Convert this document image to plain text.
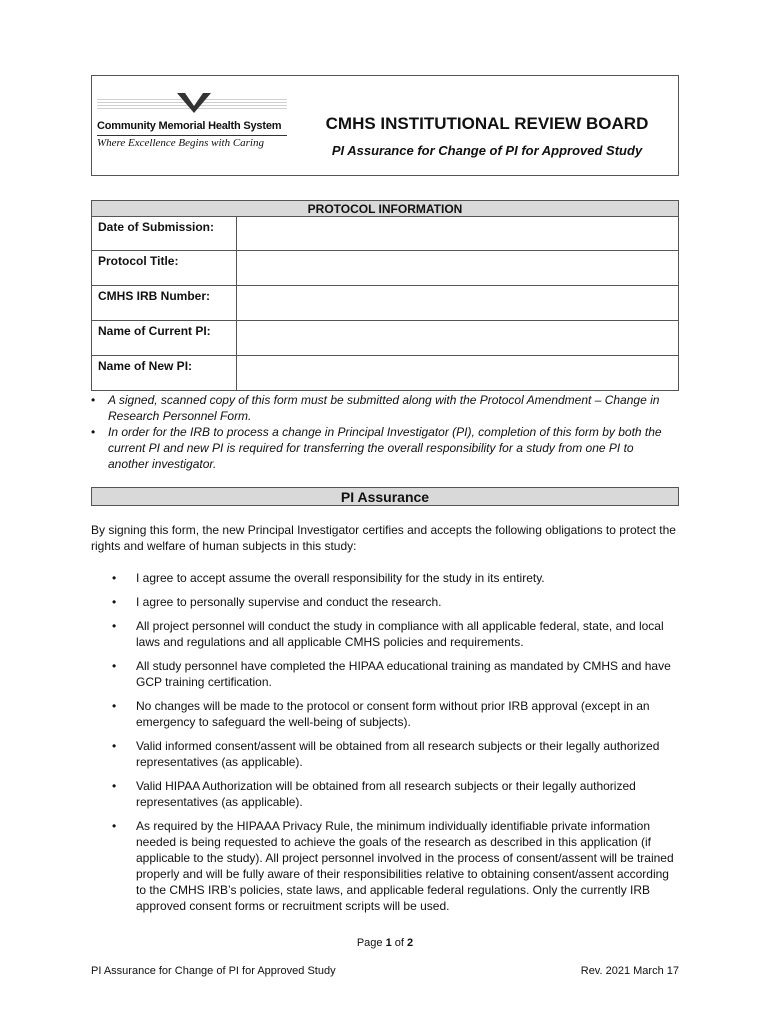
Community Memorial Health System
Where Excellence Begins with Caring
CMHS INSTITUTIONAL REVIEW BOARD
PI Assurance for Change of PI for Approved Study
PROTOCOL INFORMATION	
Date of Submission:	
Protocol Title:	
CMHS IRB Number:	
Name of Current PI:	
Name of New PI:	
• A signed, scanned copy of this form must be submitted along with the Protocol Amendment – Change in Research Personnel Form.
• In order for the IRB to process a change in Principal Investigator (PI), completion of this form by both the current PI and new PI is required for transferring the overall responsibility for a study from one PI to another investigator.
PI Assurance

By signing this form, the new Principal Investigator certifies and accepts the following obligations to protect the rights and welfare of human subjects in this study:

• I agree to accept assume the overall responsibility for the study in its entirety.
• I agree to personally supervise and conduct the research.
• All project personnel will conduct the study in compliance with all applicable federal, state, and local laws and regulations and all applicable CMHS policies and requirements.
• All study personnel have completed the HIPAA educational training as mandated by CMHS and have GCP training certification.
• No changes will be made to the protocol or consent form without prior IRB approval (except in an emergency to safeguard the well-being of subjects).
• Valid informed consent/assent will be obtained from all research subjects or their legally authorized representatives (as applicable).
• Valid HIPAA Authorization will be obtained from all research subjects or their legally authorized representatives (as applicable).
• As required by the HIPAAA Privacy Rule, the minimum individually identifiable private information needed is being requested to achieve the goals of the research as described in this application (if applicable to the study). All project personnel involved in the process of consent/assent will be trained properly and will be fully aware of their responsibilities relative to obtaining consent/assent according to the CMHS IRB’s policies, state laws, and applicable federal regulations. Only the currently IRB approved consent forms or recruitment scripts will be used.
Page 1 of 2
PI Assurance for Change of PI for Approved Study	Rev. 2021 March 17
